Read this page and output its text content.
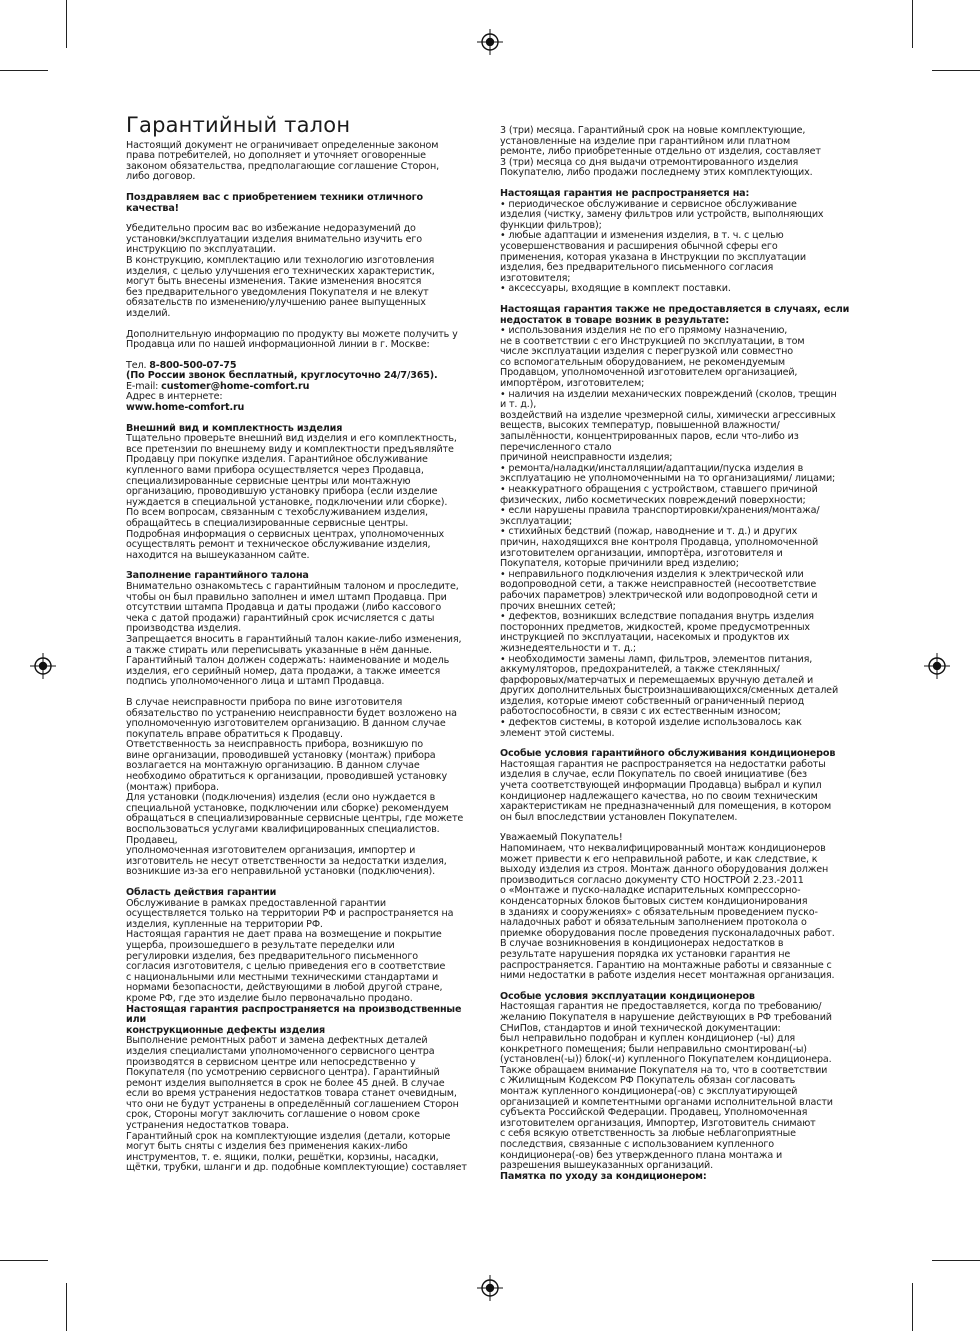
Гарантийный талон

Настоящий документ не ограничивает определенные законом
права потребителей, но дополняет и уточняет оговоренные
законом обязательства, предполагающие соглашение Сторон,
либо договор.

Поздравляем вас с приобретением техники отличного
качества!

Убедительно просим вас во избежание недоразумений до
установки/эксплуатации изделия внимательно изучить его
инструкцию по эксплуатации.
В конструкцию, комплектацию или технологию изготовления
изделия, с целью улучшения его технических характеристик,
могут быть внесены изменения. Такие изменения вносятся
без предварительного уведомления Покупателя и не влекут
обязательств по изменению/улучшению ранее выпущенных
изделий.

Дополнительную информацию по продукту вы можете получить у
Продавца или по нашей информационной линии в г. Москве:

Тел. 8-800-500-07-75

(По России звонок бесплатный, круглосуточно 24/7/365).

E-mail: customer@home-comfort.ru

Адрес в интернете:

www.home-comfort.ru

Внешний вид и комплектность изделия

Тщательно проверьте внешний вид изделия и его комплектность,
все претензии по внешнему виду и комплектности предъявляйте
Продавцу при покупке изделия. Гарантийное обслуживание
купленного вами прибора осуществляется через Продавца,
специализированные сервисные центры или монтажную
организацию, проводившую установку прибора (если изделие
нуждается в специальной установке, подключении или сборке).
По всем вопросам, связанным с техобслуживанием изделия,
обращайтесь в специализированные сервисные центры.
Подробная информация о сервисных центрах, уполномоченных
осуществлять ремонт и техническое обслуживание изделия,
находится на вышеуказанном сайте.

Заполнение гарантийного талона

Внимательно ознакомьтесь с гарантийным талоном и проследите,
чтобы он был правильно заполнен и имел штамп Продавца. При
отсутствии штампа Продавца и даты продажи (либо кассового
чека с датой продажи) гарантийный срок исчисляется с даты
производства изделия.
Запрещается вносить в гарантийный талон какие-либо изменения,
а также стирать или переписывать указанные в нём данные.
Гарантийный талон должен содержать: наименование и модель
изделия, его серийный номер, дата продажи, а также имеется
подпись уполномоченного лица и штамп Продавца.

В случае неисправности прибора по вине изготовителя
обязательство по устранению неисправности будет возложено на
уполномоченную изготовителем организацию. В данном случае
покупатель вправе обратиться к Продавцу.
Ответственность за неисправность прибора, возникшую по
вине организации, проводившей установку (монтаж) прибора
возлагается на монтажную организацию. В данном случае
необходимо обратиться к организации, проводившей установку
(монтаж) прибора.
Для установки (подключения) изделия (если оно нуждается в
специальной установке, подключении или сборке) рекомендуем
обращаться в специализированные сервисные центры, где можете
воспользоваться услугами квалифицированных специалистов.
Продавец,
уполномоченная изготовителем организация, импортер и
изготовитель не несут ответственности за недостатки изделия,
возникшие из-за его неправильной установки (подключения).

Область действия гарантии

Обслуживание в рамках предоставленной гарантии
осуществляется только на территории РФ и распространяется на
изделия, купленные на территории РФ.
Настоящая гарантия не дает права на возмещение и покрытие
ущерба, произошедшего в результате переделки или
регулировки изделия, без предварительного письменного
согласия изготовителя, с целью приведения его в соответствие
с национальными или местными техническими стандартами и
нормами безопасности, действующими в любой другой стране,
кроме РФ, где это изделие было первоначально продано.

Настоящая гарантия распространяется на производственные или
конструкционные дефекты изделия

Выполнение ремонтных работ и замена дефектных деталей
изделия специалистами уполномоченного сервисного центра
производятся в сервисном центре или непосредственно у
Покупателя (по усмотрению сервисного центра). Гарантийный
ремонт изделия выполняется в срок не более 45 дней. В случае
если во время устранения недостатков товара станет очевидным,
что они не будут устранены в определённый соглашением Сторон
срок, Стороны могут заключить соглашение о новом сроке
устранения недостатков товара.
Гарантийный срок на комплектующие изделия (детали, которые
могут быть сняты с изделия без применения каких-либо
инструментов, т. е. ящики, полки, решётки, корзины, насадки,
щётки, трубки, шланги и др. подобные комплектующие) составляет

3 (три) месяца. Гарантийный срок на новые комплектующие,
установленные на изделие при гарантийном или платном
ремонте, либо приобретенные отдельно от изделия, составляет
3 (три) месяца со дня выдачи отремонтированного изделия
Покупателю, либо продажи последнему этих комплектующих.

Настоящая гарантия не распространяется на:

• периодическое обслуживание и сервисное обслуживание
изделия (чистку, замену фильтров или устройств, выполняющих
функции фильтров);
• любые адаптации и изменения изделия, в т. ч. с целью
усовершенствования и расширения обычной сферы его
применения, которая указана в Инструкции по эксплуатации
изделия, без предварительного письменного согласия
изготовителя;
• аксессуары, входящие в комплект поставки.

Настоящая гарантия также не предоставляется в случаях, если
недостаток в товаре возник в результате:

• использования изделия не по его прямому назначению,
не в соответствии с его Инструкцией по эксплуатации, в том
числе эксплуатации изделия с перегрузкой или совместно
со вспомогательным оборудованием, не рекомендуемым
Продавцом, уполномоченной изготовителем организацией,
импортёром, изготовителем;
• наличия на изделии механических повреждений (сколов, трещин
и т. д.),
воздействий на изделие чрезмерной силы, химически агрессивных
веществ, высоких температур, повышенной влажности/
запылённости, концентрированных паров, если что-либо из
перечисленного стало
причиной неисправности изделия;
• ремонта/наладки/инсталляции/адаптации/пуска изделия в
эксплуатацию не уполномоченными на то организациями/ лицами;
• неаккуратного обращения с устройством, ставшего причиной
физических, либо косметических повреждений поверхности;
• если нарушены правила транспортировки/хранения/монтажа/
эксплуатации;
• стихийных бедствий (пожар, наводнение и т. д.) и других
причин, находящихся вне контроля Продавца, уполномоченной
изготовителем организации, импортёра, изготовителя и
Покупателя, которые причинили вред изделию;
• неправильного подключения изделия к электрической или
водопроводной сети, а также неисправностей (несоответствие
рабочих параметров) электрической или водопроводной сети и
прочих внешних сетей;
• дефектов, возникших вследствие попадания внутрь изделия
посторонних предметов, жидкостей, кроме предусмотренных
инструкцией по эксплуатации, насекомых и продуктов их
жизнедеятельности и т. д.;
• необходимости замены ламп, фильтров, элементов питания,
аккумуляторов, предохранителей, а также стеклянных/
фарфоровых/матерчатых и перемещаемых вручную деталей и
других дополнительных быстроизнашивающихся/сменных деталей
изделия, которые имеют собственный ограниченный период
работоспособности, в связи с их естественным износом;
• дефектов системы, в которой изделие использовалось как
элемент этой системы.

Особые условия гарантийного обслуживания кондиционеров

Настоящая гарантия не распространяется на недостатки работы
изделия в случае, если Покупатель по своей инициативе (без
учета соответствующей информации Продавца) выбрал и купил
кондиционер надлежащего качества, но по своим техническим
характеристикам не предназначенный для помещения, в котором
он был впоследствии установлен Покупателем.

Уважаемый Покупатель!
Напоминаем, что неквалифицированный монтаж кондиционеров
может привести к его неправильной работе, и как следствие, к
выходу изделия из строя. Монтаж данного оборудования должен
производиться согласно документу СТО НОСТРОЙ 2.23.-2011
о «Монтаже и пуско-наладке испарительных компрессорно-
конденсаторных блоков бытовых систем кондиционирования
в зданиях и сооружениях» с обязательным проведением пуско-
наладочных работ и обязательным заполнением протокола о
приемке оборудования после проведения пусконаладочных работ.
В случае возникновения в кондиционерах недостатков в
результате нарушения порядка их установки гарантия не
распространяется. Гарантию на монтажные работы и связанные с
ними недостатки в работе изделия несет монтажная организация.

Особые условия эксплуатации кондиционеров

Настоящая гарантия не предоставляется, когда по требованию/
желанию Покупателя в нарушение действующих в РФ требований
СНиПов, стандартов и иной технической документации:
был неправильно подобран и куплен кондиционер (-ы) для
конкретного помещения; были неправильно смонтирован(-ы)
(установлен(-ы)) блок(-и) купленного Покупателем кондиционера.
Также обращаем внимание Покупателя на то, что в соответствии
с Жилищным Кодексом РФ Покупатель обязан согласовать
монтаж купленного кондиционера(-ов) с эксплуатирующей
организацией и компетентными органами исполнительной власти
субъекта Российской Федерации. Продавец, Уполномоченная
изготовителем организация, Импортер, Изготовитель снимают
с себя всякую ответственность за любые неблагоприятные
последствия, связанные с использованием купленного
кондиционера(-ов) без утвержденного плана монтажа и
разрешения вышеуказанных организаций.

Памятка по уходу за кондиционером:
